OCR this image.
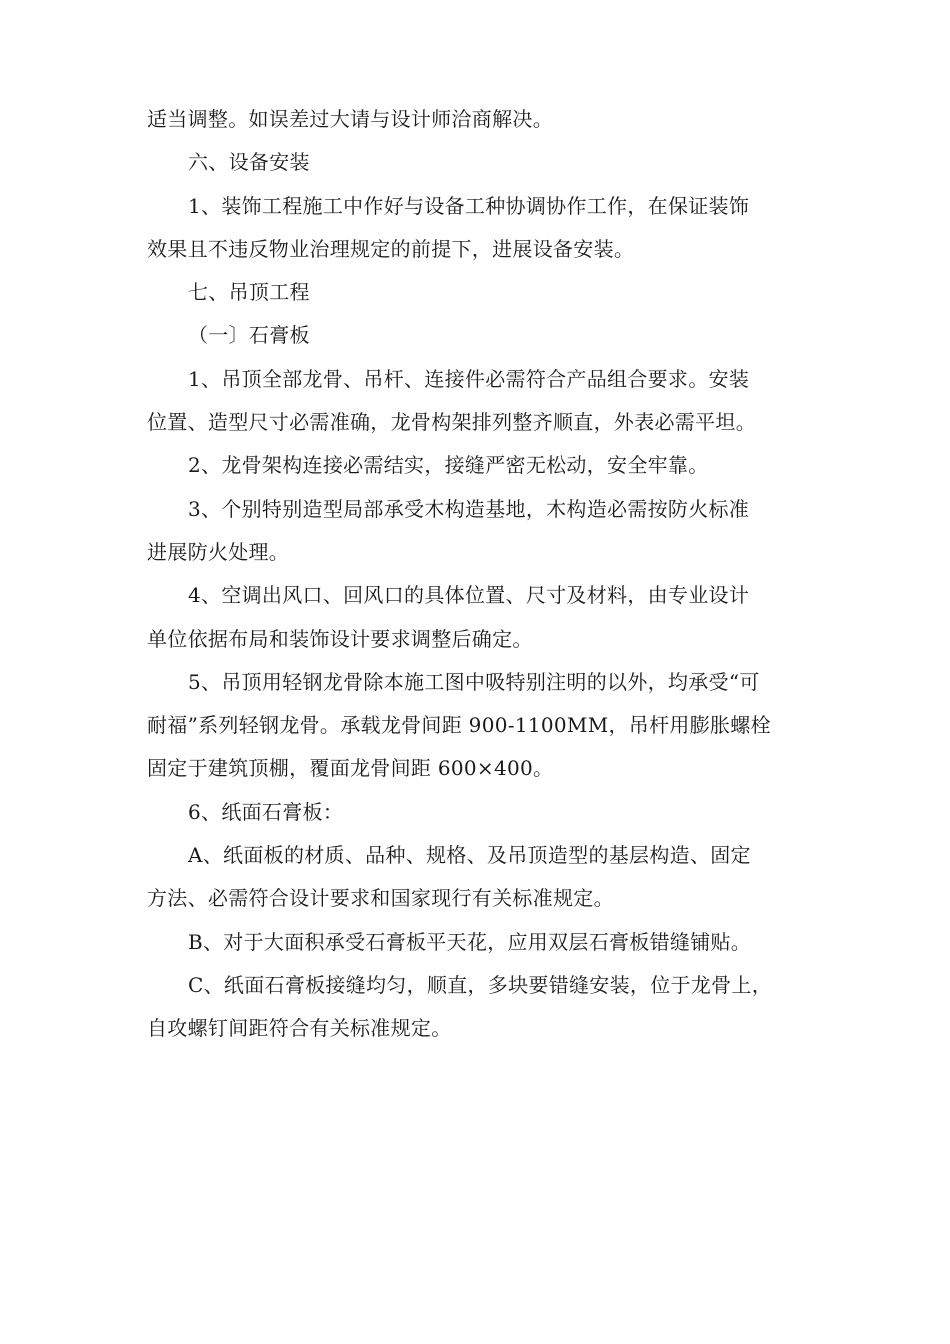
适当调整。如误差过大请与设计师洽商解决。
六、设备安装
1、装饰工程施工中作好与设备工种协调协作工作，在保证装饰
效果且不违反物业治理规定的前提下，进展设备安装。
七、吊顶工程
（一〕石膏板
1、吊顶全部龙骨、吊杆、连接件必需符合产品组合要求。安装
位置、造型尺寸必需准确，龙骨构架排列整齐顺直，外表必需平坦。
2、龙骨架构连接必需结实，接缝严密无松动，安全牢靠。
3、个别特别造型局部承受木构造基地，木构造必需按防火标准
进展防火处理。
4、空调出风口、回风口的具体位置、尺寸及材料，由专业设计
单位依据布局和装饰设计要求调整后确定。
5、吊顶用轻钢龙骨除本施工图中吸特别注明的以外，均承受“可
耐福”系列轻钢龙骨。承载龙骨间距 900-1100MM，吊杆用膨胀螺栓
固定于建筑顶棚，覆面龙骨间距 600×400。
6、纸面石膏板：
A、纸面板的材质、品种、规格、及吊顶造型的基层构造、固定
方法、必需符合设计要求和国家现行有关标准规定。
B、对于大面积承受石膏板平天花，应用双层石膏板错缝铺贴。
C、纸面石膏板接缝均匀，顺直，多块要错缝安装，位于龙骨上，
自攻螺钉间距符合有关标准规定。
